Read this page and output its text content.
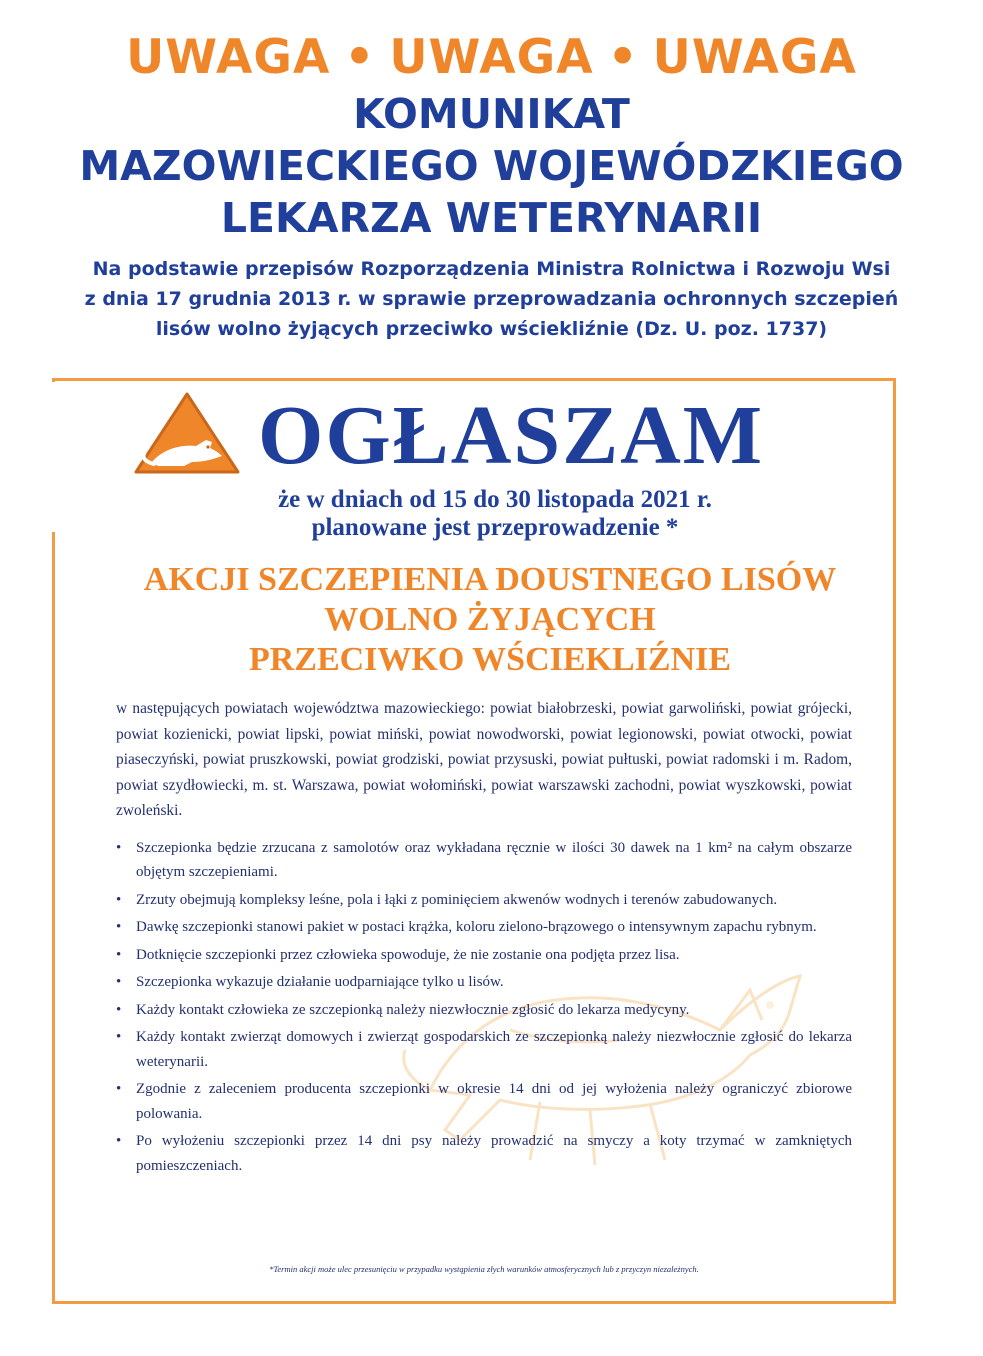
UWAGA • UWAGA • UWAGA
KOMUNIKAT
MAZOWIECKIEGO WOJEWÓDZKIEGO
LEKARZA WETERYNARII
Na podstawie przepisów Rozporządzenia Ministra Rolnictwa i Rozwoju Wsi
z dnia 17 grudnia 2013 r. w sprawie przeprowadzania ochronnych szczepień
lisów wolno żyjących przeciwko wściekliźnie (Dz. U. poz. 1737)
OGŁASZAM
że w dniach od 15 do 30 listopada 2021 r.
planowane jest przeprowadzenie *
AKCJI SZCZEPIENIA DOUSTNEGO LISÓW
WOLNO ŻYJĄCYCH
PRZECIWKO WŚCIEKLIŹNIE

w następujących powiatach województwa mazowieckiego: powiat białobrzeski, powiat garwoliński, powiat grójecki, powiat kozienicki, powiat lipski, powiat miński, powiat nowodworski, powiat legionowski, powiat otwocki, powiat piaseczyński, powiat pruszkowski, powiat grodziski, powiat przysuski, powiat pułtuski, powiat radomski i m. Radom, powiat szydłowiecki, m. st. Warszawa, powiat wołomiński, powiat warszawski zachodni, powiat wyszkowski, powiat zwoleński.

• Szczepionka będzie zrzucana z samolotów oraz wykładana ręcznie w ilości 30 dawek na 1 km² na całym obszarze objętym szczepieniami.
• Zrzuty obejmują kompleksy leśne, pola i łąki z pominięciem akwenów wodnych i terenów zabudowanych.
• Dawkę szczepionki stanowi pakiet w postaci krążka, koloru zielono-brązowego o intensywnym zapachu rybnym.
• Dotknięcie szczepionki przez człowieka spowoduje, że nie zostanie ona podjęta przez lisa.
• Szczepionka wykazuje działanie uodparniające tylko u lisów.
• Każdy kontakt człowieka ze szczepionką należy niezwłocznie zgłosić do lekarza medycyny.
• Każdy kontakt zwierząt domowych i zwierząt gospodarskich ze szczepionką należy niezwłocznie zgłosić do lekarza weterynarii.
• Zgodnie z zaleceniem producenta szczepionki w okresie 14 dni od jej wyłożenia należy ograniczyć zbiorowe polowania.
• Po wyłożeniu szczepionki przez 14 dni psy należy prowadzić na smyczy a koty trzymać w zamkniętych pomieszczeniach.
*Termin akcji może ulec przesunięciu w przypadku wystąpienia złych warunków atmosferycznych lub z przyczyn niezależnych.
